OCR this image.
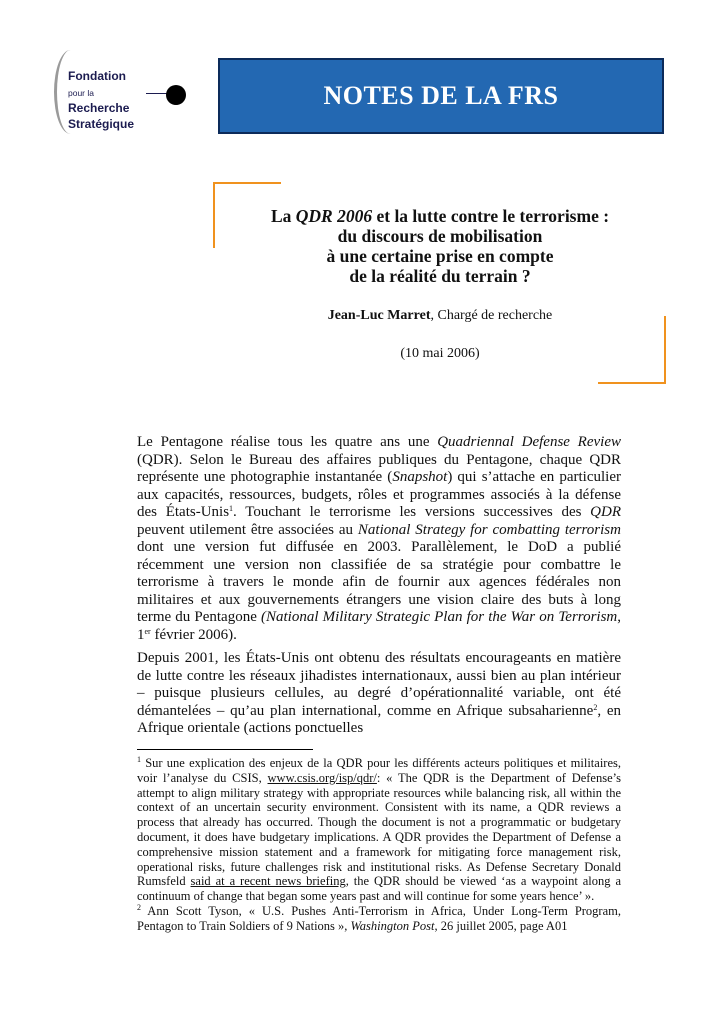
Fondation
pour la
Recherche
Stratégique
NOTES DE LA FRS
La QDR 2006 et la lutte contre le terrorisme :
du discours de mobilisation
à une certaine prise en compte
de la réalité du terrain ?
Jean-Luc Marret, Chargé de recherche
(10 mai 2006)
Le Pentagone réalise tous les quatre ans une Quadriennal Defense Review (QDR). Selon le Bureau des affaires publiques du Pentagone, chaque QDR représente une photographie instantanée (Snapshot) qui s’attache en particulier aux capacités, ressources, budgets, rôles et programmes associés à la défense des États-Unis$^1$. Touchant le terrorisme les versions successives des QDR peuvent utilement être associées au National Strategy for combatting terrorism dont une version fut diffusée en 2003. Parallèlement, le DoD a publié récemment une version non classifiée de sa stratégie pour combattre le terrorisme à travers le monde afin de fournir aux agences fédérales non militaires et aux gouvernements étrangers une vision claire des buts à long terme du Pentagone (National Military Strategic Plan for the War on Terrorism, 1er février 2006).
Depuis 2001, les États-Unis ont obtenu des résultats encourageants en matière de lutte contre les réseaux jihadistes internationaux, aussi bien au plan intérieur – puisque plusieurs cellules, au degré d’opérationnalité variable, ont été démantelées – qu’au plan international, comme en Afrique subsaharienne$^2$, en Afrique orientale (actions ponctuelles

$^1$ Sur une explication des enjeux de la QDR pour les différents acteurs politiques et militaires, voir l’analyse du CSIS, www.csis.org/isp/qdr/: « The QDR is the Department of Defense’s attempt to align military strategy with appropriate resources while balancing risk, all within the context of an uncertain security environment. Consistent with its name, a QDR reviews a process that already has occurred. Though the document is not a programmatic or budgetary document, it does have budgetary implications. A QDR provides the Department of Defense a comprehensive mission statement and a framework for mitigating force management risk, operational risks, future challenges risk and institutional risks. As Defense Secretary Donald Rumsfeld said at a recent news briefing, the QDR should be viewed ‘as a waypoint along a continuum of change that began some years past and will continue for some years hence’ ».

$^2$ Ann Scott Tyson, « U.S. Pushes Anti-Terrorism in Africa, Under Long-Term Program, Pentagon to Train Soldiers of 9 Nations », Washington Post, 26 juillet 2005, page A01
